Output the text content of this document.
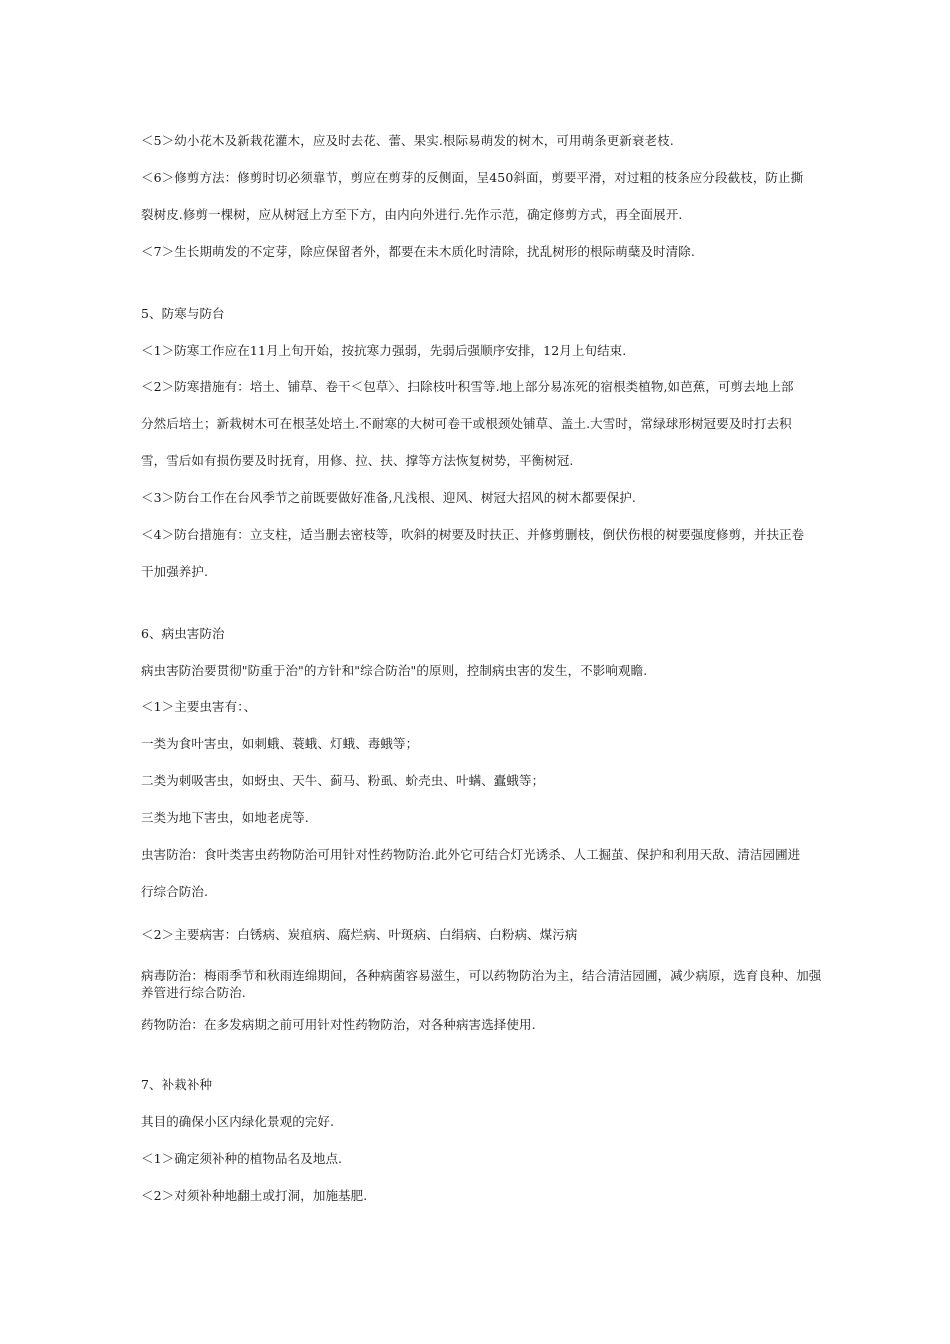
＜5＞幼小花木及新栽花灌木，应及时去花、蕾、果实.根际易萌发的树木，可用萌条更新衰老枝.
＜6＞修剪方法：修剪时切必须靠节，剪应在剪芽的反侧面，呈450斜面，剪要平滑，对过粗的枝条应分段截枝，防止撕
裂树皮.修剪一棵树，应从树冠上方至下方，由内向外进行.先作示范，确定修剪方式，再全面展开.
＜7＞生长期萌发的不定芽，除应保留者外，都要在未木质化时清除，扰乱树形的根际萌蘖及时清除.
5、防寒与防台
＜1＞防寒工作应在11月上旬开始，按抗寒力强弱，先弱后强顺序安排，12月上旬结束.
＜2＞防寒措施有：培土、铺草、卷干＜包草〉、扫除枝叶积雪等.地上部分易冻死的宿根类植物,如芭蕉，可剪去地上部
分然后培土；新栽树木可在根茎处培土.不耐寒的大树可卷干或根颈处铺草、盖土.大雪时，常绿球形树冠要及时打去积
雪，雪后如有损伤要及时抚育，用修、拉、扶、撑等方法恢复树势，平衡树冠.
＜3＞防台工作在台风季节之前既要做好准备,凡浅根、迎风、树冠大招风的树木都要保护.
＜4＞防台措施有：立支柱，适当删去密枝等，吹斜的树要及时扶正、并修剪删枝，倒伏伤根的树要强度修剪，并扶正卷
干加强养护.
6、病虫害防治
病虫害防治要贯彻"防重于治"的方针和"综合防治"的原则，控制病虫害的发生，不影响观瞻.
＜1＞主要虫害有：、
一类为食叶害虫，如刺蛾、蓑蛾、灯蛾、毒蛾等；
二类为刺吸害虫，如蚜虫、天牛、蓟马、粉虱、蚧壳虫、叶螨、蠹蛾等；
三类为地下害虫，如地老虎等.
虫害防治：食叶类害虫药物防治可用针对性药物防治.此外它可结合灯光诱杀、人工掘茧、保护和利用天敌、清洁园圃进
行综合防治.
＜2＞主要病害：白锈病、炭疽病、腐烂病、叶斑病、白绢病、白粉病、煤污病
病毒防治：梅雨季节和秋雨连绵期间，各种病菌容易滋生，可以药物防治为主，结合清洁园圃，减少病原，选育良种、加强养管进行综合防治.
药物防治：在多发病期之前可用针对性药物防治，对各种病害选择使用.
7、补栽补种
其目的确保小区内绿化景观的完好.
＜1＞确定须补种的植物品名及地点.
＜2＞对须补种地翻土或打洞，加施基肥.
